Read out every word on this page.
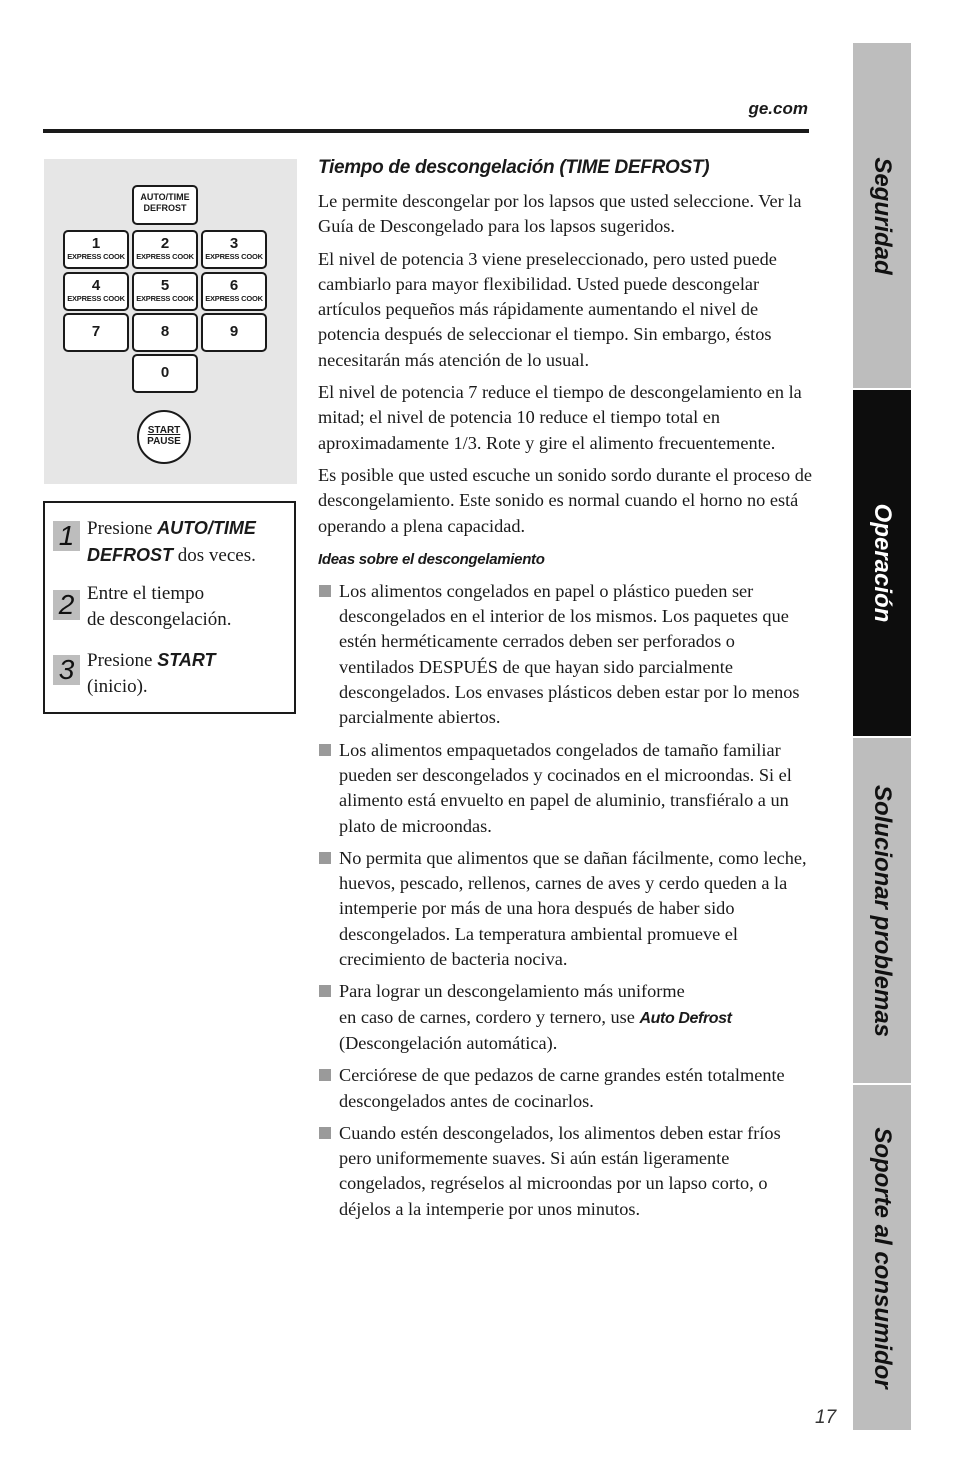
ge.com
AUTO/TIME
DEFROST
1
EXPRESS COOK
2
EXPRESS COOK
3
EXPRESS COOK
4
EXPRESS COOK
5
EXPRESS COOK
6
EXPRESS COOK
7	8	9
0
START
PAUSE
1 Presione AUTO/TIME
DEFROST dos veces.
2 Entre el tiempo
de descongelación.
3 Presione START
(inicio).
Tiempo de descongelación (TIME DEFROST)

Le permite descongelar por los lapsos que usted seleccione. Ver la Guía de Descongelado para los lapsos sugeridos.

El nivel de potencia 3 viene preseleccionado, pero usted puede cambiarlo para mayor flexibilidad. Usted puede descongelar artículos pequeños más rápidamente aumentando el nivel de potencia después de seleccionar el tiempo. Sin embargo, éstos necesitarán más atención de lo usual.

El nivel de potencia 7 reduce el tiempo de descongelamiento en la mitad; el nivel de potencia 10 reduce el tiempo total en aproximadamente 1/3. Rote y gire el alimento frecuentemente.

Es posible que usted escuche un sonido sordo durante el proceso de descongelamiento. Este sonido es normal cuando el horno no está operando a plena capacidad.

Ideas sobre el descongelamiento
Los alimentos congelados en papel o plástico pueden ser descongelados en el interior de los mismos. Los paquetes que estén herméticamente cerrados deben ser perforados o ventilados DESPUÉS de que hayan sido parcialmente descongelados. Los envases plásticos deben estar por lo menos parcialmente abiertos.
Los alimentos empaquetados congelados de tamaño familiar pueden ser descongelados y cocinados en el microondas. Si el alimento está envuelto en papel de aluminio, transfiéralo a un plato de microondas.
No permita que alimentos que se dañan fácilmente, como leche, huevos, pescado, rellenos, carnes de aves y cerdo queden a la intemperie por más de una hora después de haber sido descongelados. La temperatura ambiental promueve el crecimiento de bacteria nociva.
Para lograr un descongelamiento más uniforme
en caso de carnes, cordero y ternero, use Auto Defrost
(Descongelación automática).
Cerciórese de que pedazos de carne grandes estén totalmente descongelados antes de cocinarlos.
Cuando estén descongelados, los alimentos deben estar fríos pero uniformemente suaves. Si aún están ligeramente congelados, regréselos al microondas por un lapso corto, o déjelos a la intemperie por unos minutos.
Seguridad
Operación
Solucionar problemas
Soporte al consumidor
17
